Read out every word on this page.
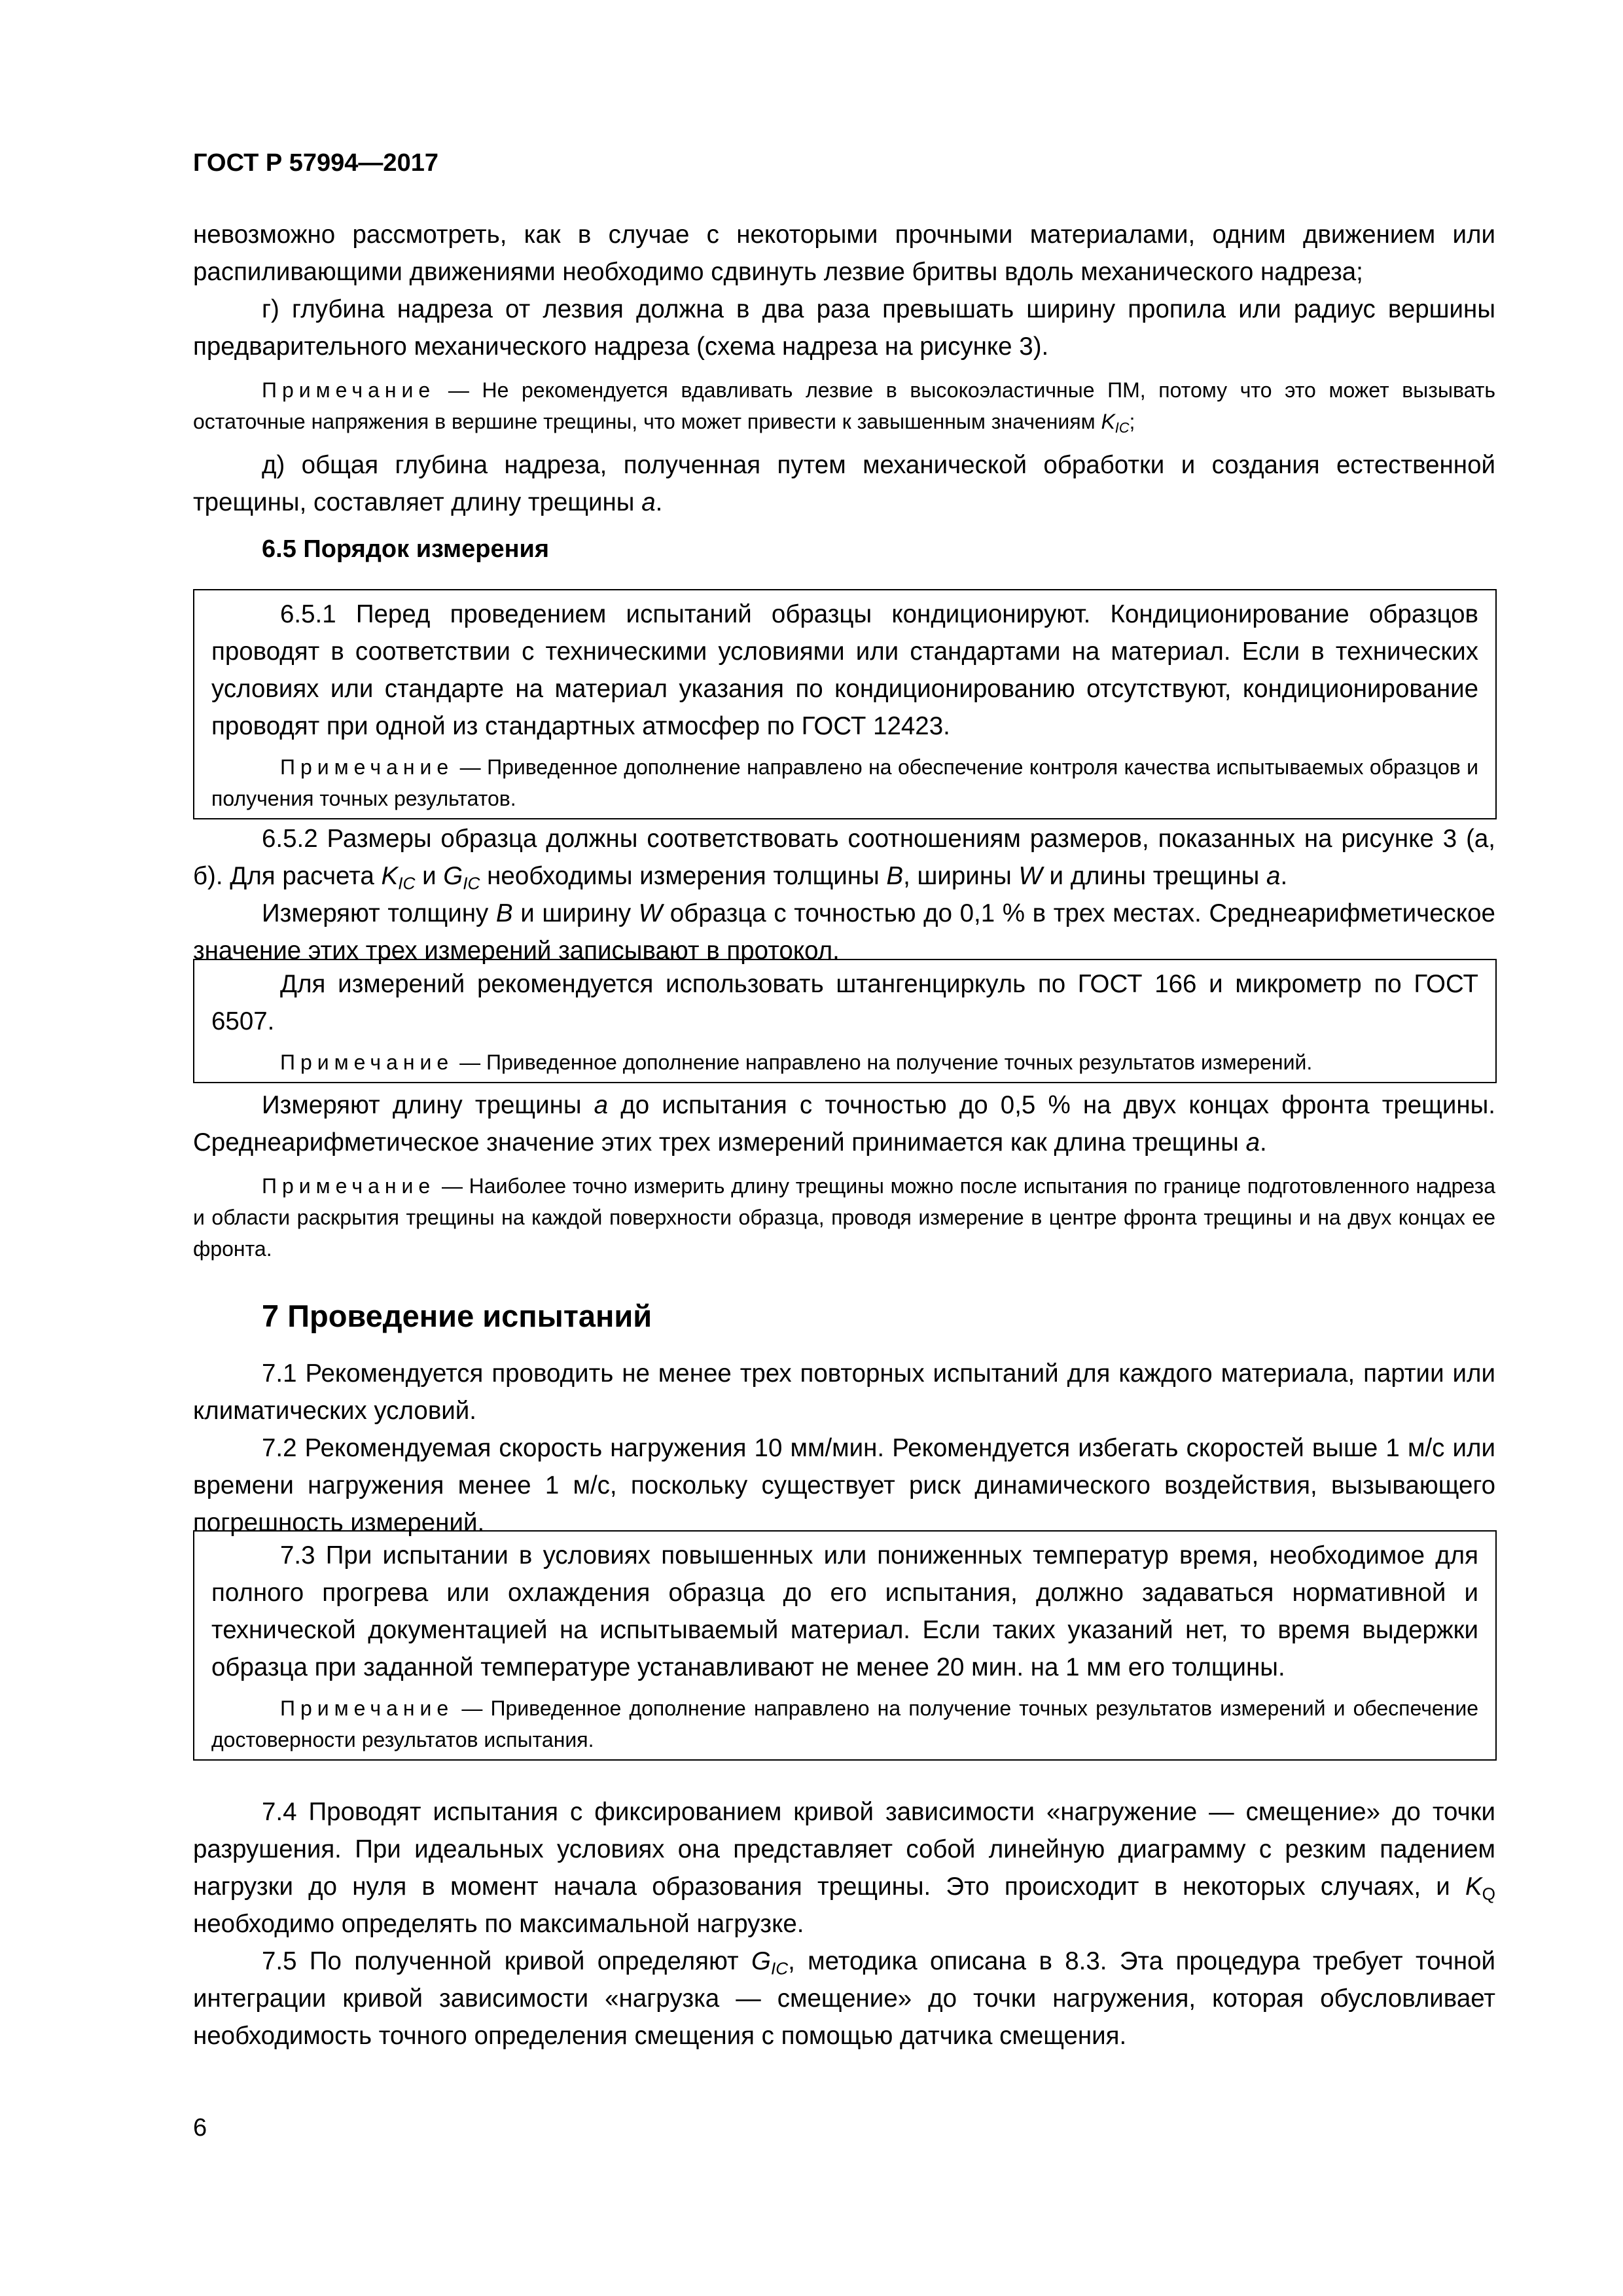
ГОСТ Р 57994—2017

невозможно рассмотреть, как в случае с некоторыми прочными материалами, одним движением или распиливающими движениями необходимо сдвинуть лезвие бритвы вдоль механического надреза;

г) глубина надреза от лезвия должна в два раза превышать ширину пропила или радиус вершины предварительного механического надреза (схема надреза на рисунке 3).

Примечание — Не рекомендуется вдавливать лезвие в высокоэластичные ПМ, потому что это может вызывать остаточные напряжения в вершине трещины, что может привести к завышенным значениям $K_{IC}$;

д) общая глубина надреза, полученная путем механической обработки и создания естественной трещины, составляет длину трещины a.

6.5 Порядок измерения

6.5.1 Перед проведением испытаний образцы кондиционируют. Кондиционирование образцов проводят в соответствии с техническими условиями или стандартами на материал. Если в технических условиях или стандарте на материал указания по кондиционированию отсутствуют, кондиционирование проводят при одной из стандартных атмосфер по ГОСТ 12423.

Примечание — Приведенное дополнение направлено на обеспечение контроля качества испытываемых образцов и получения точных результатов.

6.5.2 Размеры образца должны соответствовать соотношениям размеров, показанных на рисунке 3 (а, б). Для расчета $K_{IC}$ и $G_{IC}$ необходимы измерения толщины B, ширины W и длины трещины a.

Измеряют толщину B и ширину W образца с точностью до 0,1 % в трех местах. Среднеарифметическое значение этих трех измерений записывают в протокол.

Для измерений рекомендуется использовать штангенциркуль по ГОСТ 166 и микрометр по ГОСТ 6507.

Примечание — Приведенное дополнение направлено на получение точных результатов измерений.

Измеряют длину трещины a до испытания с точностью до 0,5 % на двух концах фронта трещины. Среднеарифметическое значение этих трех измерений принимается как длина трещины a.

Примечание — Наиболее точно измерить длину трещины можно после испытания по границе подготовленного надреза и области раскрытия трещины на каждой поверхности образца, проводя измерение в центре фронта трещины и на двух концах ее фронта.

7 Проведение испытаний

7.1 Рекомендуется проводить не менее трех повторных испытаний для каждого материала, партии или климатических условий.

7.2 Рекомендуемая скорость нагружения 10 мм/мин. Рекомендуется избегать скоростей выше 1 м/с или времени нагружения менее 1 м/с, поскольку существует риск динамического воздействия, вызывающего погрешность измерений.

7.3 При испытании в условиях повышенных или пониженных температур время, необходимое для полного прогрева или охлаждения образца до его испытания, должно задаваться нормативной и технической документацией на испытываемый материал. Если таких указаний нет, то время выдержки образца при заданной температуре устанавливают не менее 20 мин. на 1 мм его толщины.

Примечание — Приведенное дополнение направлено на получение точных результатов измерений и обеспечение достоверности результатов испытания.

7.4 Проводят испытания с фиксированием кривой зависимости «нагружение — смещение» до точки разрушения. При идеальных условиях она представляет собой линейную диаграмму с резким падением нагрузки до нуля в момент начала образования трещины. Это происходит в некоторых случаях, и $K_Q$ необходимо определять по максимальной нагрузке.

7.5 По полученной кривой определяют $G_{IC}$, методика описана в 8.3. Эта процедура требует точной интеграции кривой зависимости «нагрузка — смещение» до точки нагружения, которая обусловливает необходимость точного определения смещения с помощью датчика смещения.

6
